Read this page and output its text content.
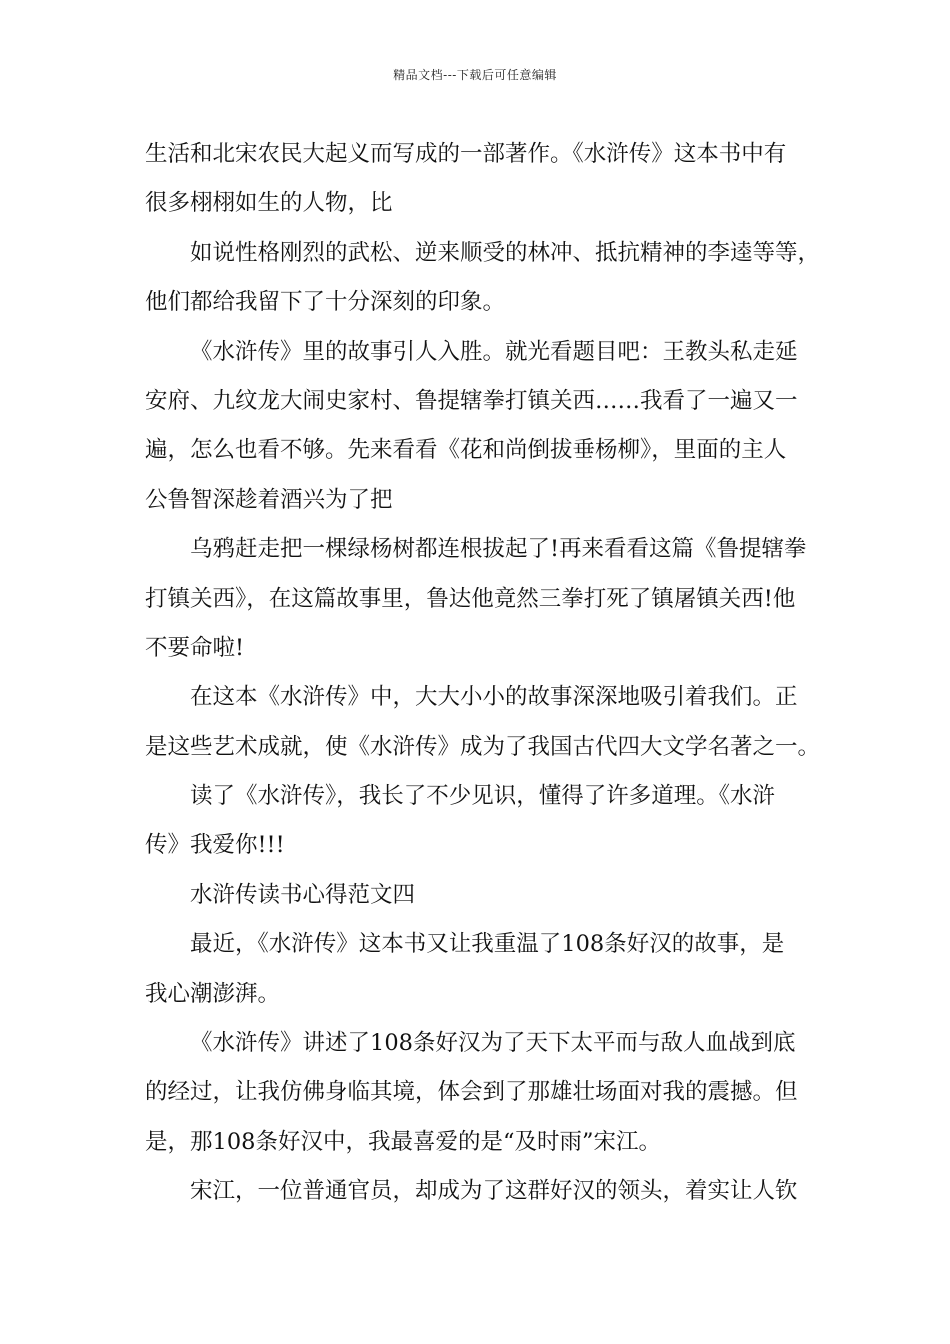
精品文档---下载后可任意编辑
生活和北宋农民大起义而写成的一部著作。《水浒传》这本书中有
很多栩栩如生的人物，比
如说性格刚烈的武松、逆来顺受的林冲、抵抗精神的李逵等等，
他们都给我留下了十分深刻的印象。
《水浒传》里的故事引人入胜。就光看题目吧：王教头私走延
安府、九纹龙大闹史家村、鲁提辖拳打镇关西……我看了一遍又一
遍，怎么也看不够。先来看看《花和尚倒拔垂杨柳》，里面的主人
公鲁智深趁着酒兴为了把
乌鸦赶走把一棵绿杨树都连根拔起了!再来看看这篇《鲁提辖拳
打镇关西》，在这篇故事里，鲁达他竟然三拳打死了镇屠镇关西!他
不要命啦!
在这本《水浒传》中，大大小小的故事深深地吸引着我们。正
是这些艺术成就，使《水浒传》成为了我国古代四大文学名著之一。
读了《水浒传》，我长了不少见识，懂得了许多道理。《水浒
传》我爱你!!!
水浒传读书心得范文四
最近，《水浒传》这本书又让我重温了108条好汉的故事，是
我心潮澎湃。
《水浒传》讲述了108条好汉为了天下太平而与敌人血战到底
的经过，让我仿佛身临其境，体会到了那雄壮场面对我的震撼。但
是，那108条好汉中，我最喜爱的是“及时雨”宋江。
宋江，一位普通官员，却成为了这群好汉的领头，着实让人钦
